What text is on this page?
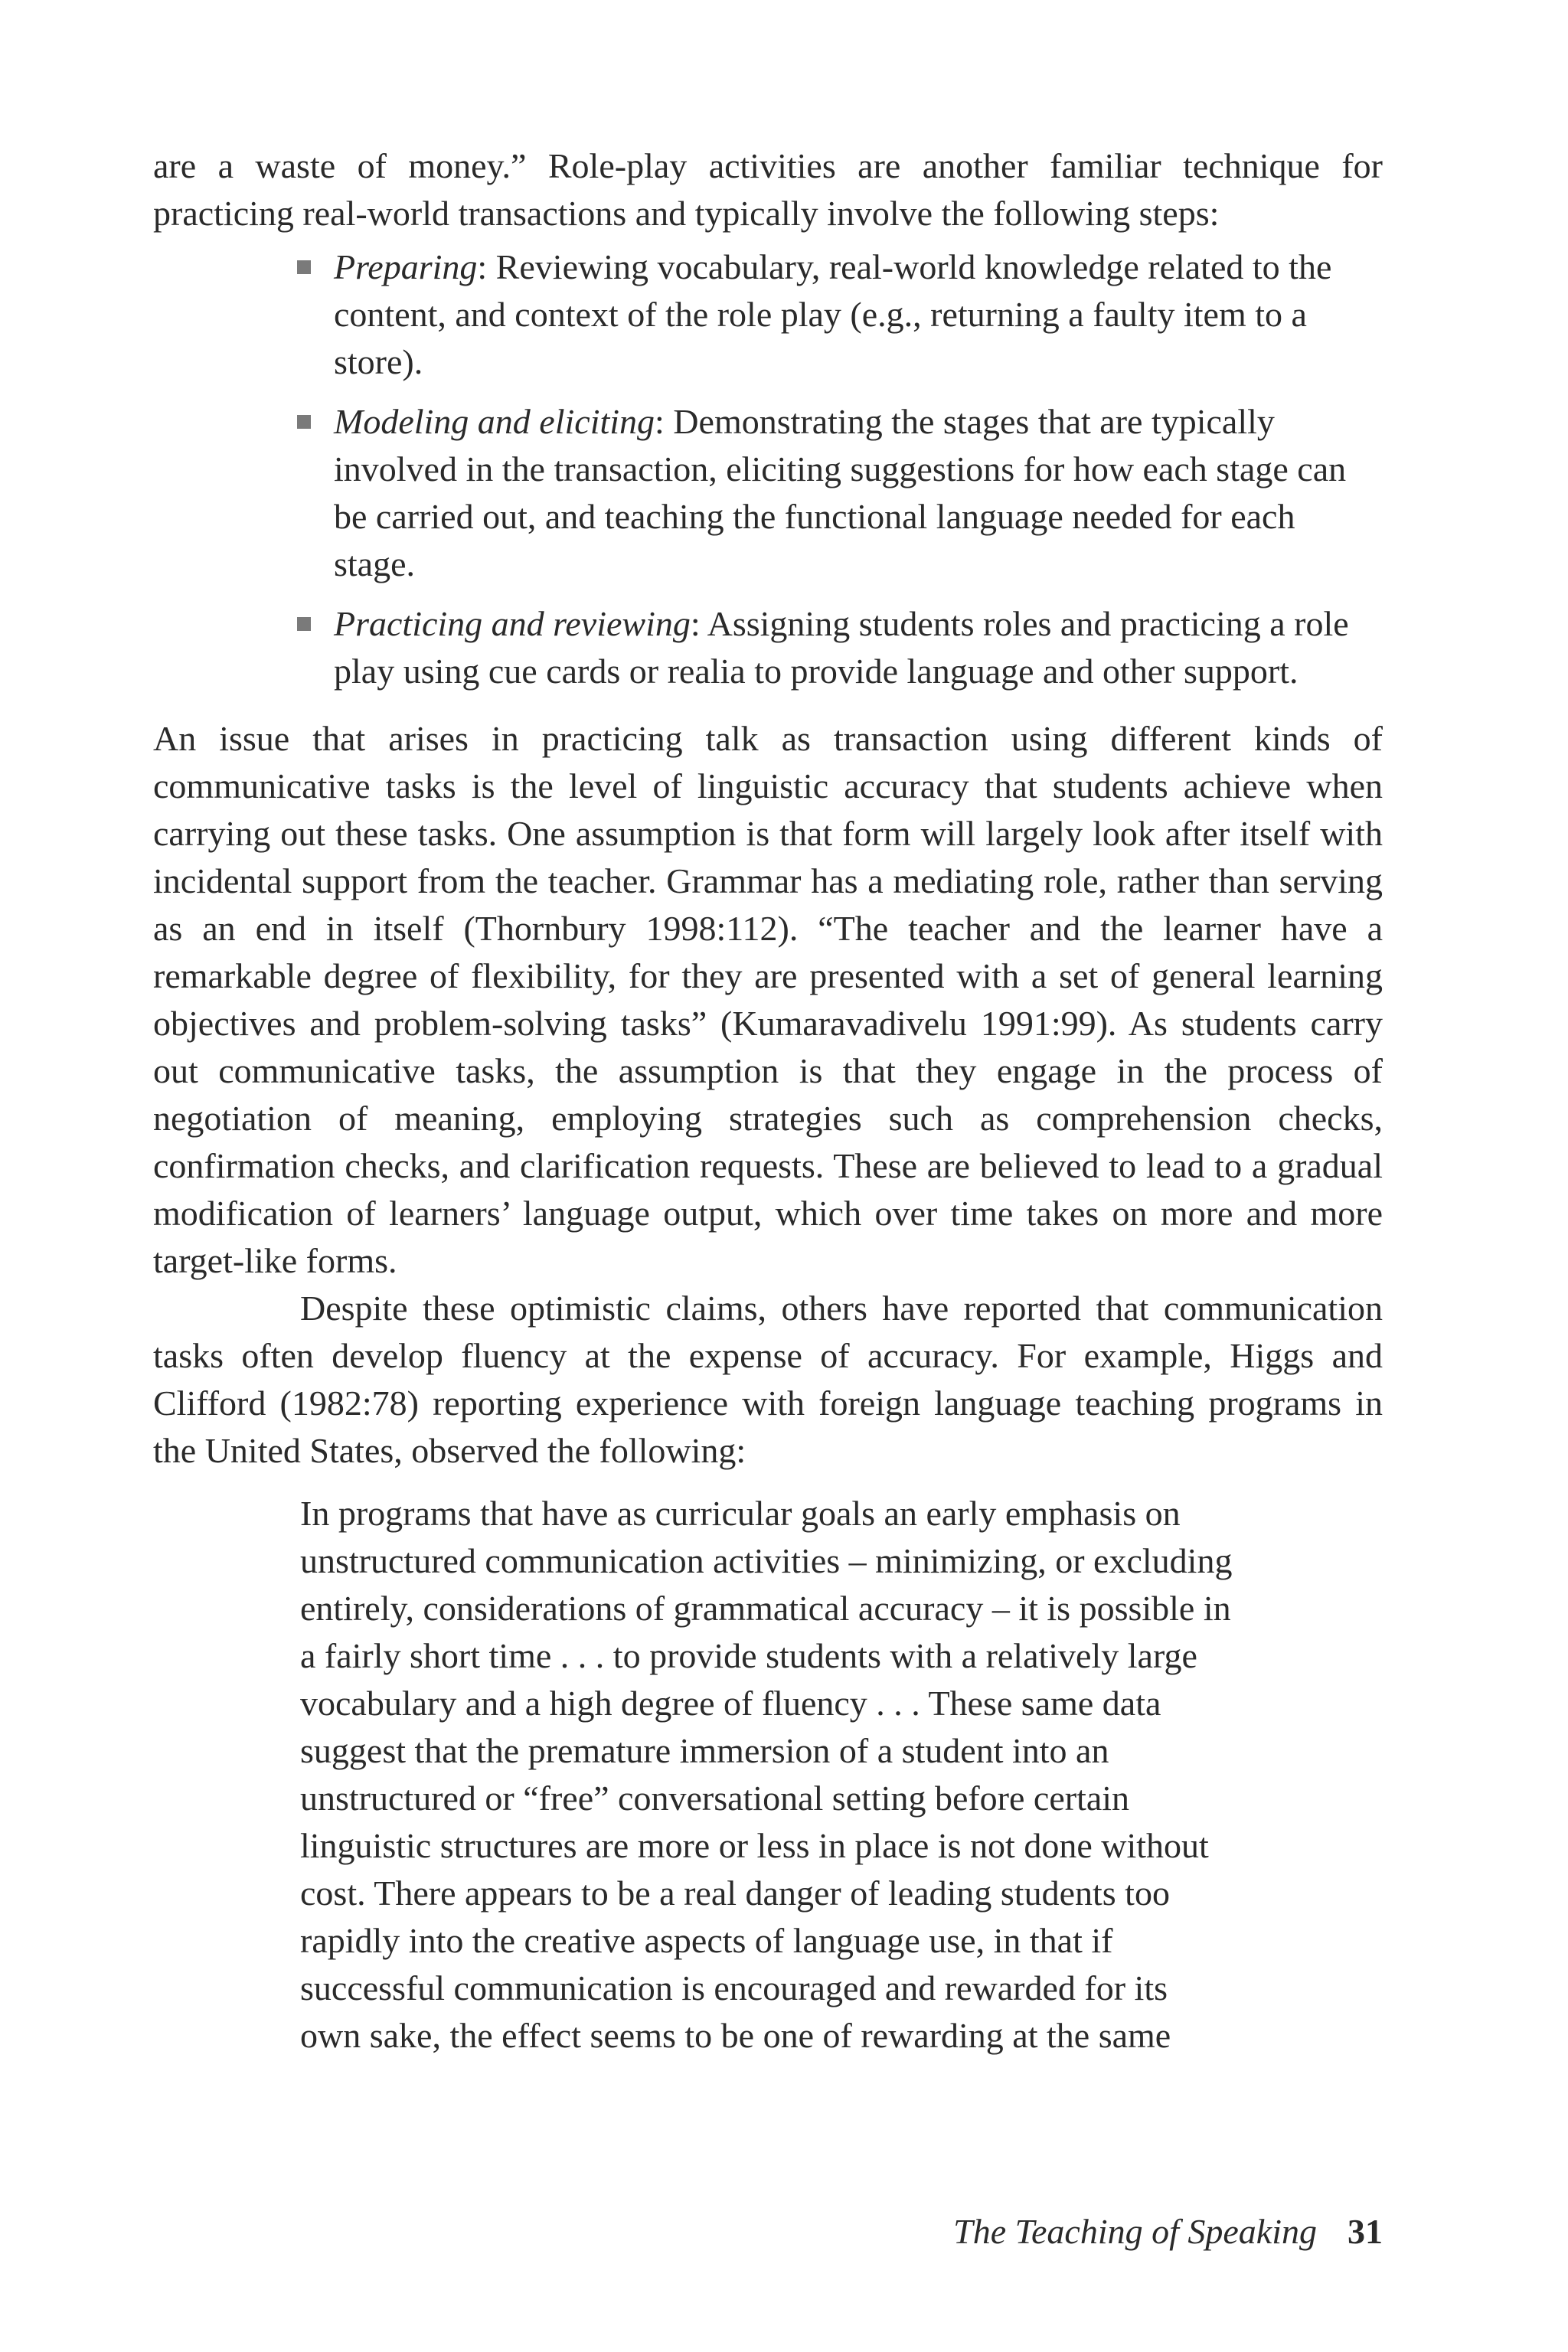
are a waste of money.” Role-play activities are another familiar technique for practicing real-world transactions and typically involve the following steps:

Preparing: Reviewing vocabulary, real-world knowledge related to the content, and context of the role play (e.g., returning a faulty item to a store).
Modeling and eliciting: Demonstrating the stages that are typically involved in the transaction, eliciting suggestions for how each stage can be carried out, and teaching the functional language needed for each stage.
Practicing and reviewing: Assigning students roles and practicing a role play using cue cards or realia to provide language and other support.

An issue that arises in practicing talk as transaction using different kinds of communicative tasks is the level of linguistic accuracy that students achieve when carrying out these tasks. One assumption is that form will largely look after itself with incidental support from the teacher. Grammar has a mediating role, rather than serving as an end in itself (Thornbury 1998:112). “The teacher and the learner have a remarkable degree of flexibility, for they are presented with a set of general learning objectives and problem-solving tasks” (Kumaravadivelu 1991:99). As students carry out communicative tasks, the assumption is that they engage in the process of negotiation of meaning, employing strategies such as comprehension checks, confirmation checks, and clarification requests. These are believed to lead to a gradual modification of learners’ language output, which over time takes on more and more target-like forms.

Despite these optimistic claims, others have reported that communication tasks often develop fluency at the expense of accuracy. For example, Higgs and Clifford (1982:78) reporting experience with foreign language teaching programs in the United States, observed the following:

In programs that have as curricular goals an early emphasis on unstructured communication activities – minimizing, or excluding entirely, considerations of grammatical accuracy – it is possible in a fairly short time . . . to provide students with a relatively large vocabulary and a high degree of fluency . . . These same data suggest that the premature immersion of a student into an unstructured or “free” conversational setting before certain linguistic structures are more or less in place is not done without cost. There appears to be a real danger of leading students too rapidly into the creative aspects of language use, in that if successful communication is encouraged and rewarded for its own sake, the effect seems to be one of rewarding at the same

The Teaching of Speaking 31
